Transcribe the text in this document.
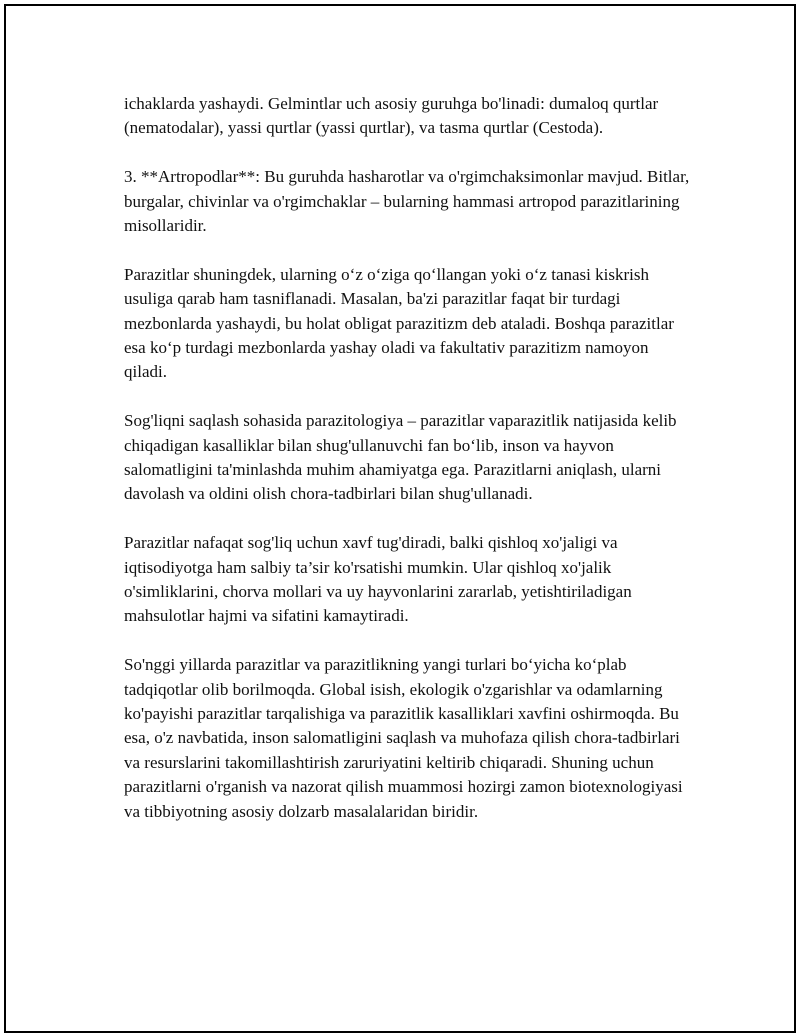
ichaklarda yashaydi. Gelmintlar uch asosiy guruhga bo'linadi: dumaloq qurtlar (nematodalar), yassi qurtlar (yassi qurtlar), va tasma qurtlar (Cestoda).

3. **Artropodlar**: Bu guruhda hasharotlar va o'rgimchaksimonlar mavjud. Bitlar, burgalar, chivinlar va o'rgimchaklar – bularning hammasi artropod parazitlarining misollaridir.

Parazitlar shuningdek, ularning o‘z o‘ziga qo‘llangan yoki o‘z tanasi kiskrish usuliga qarab ham tasniflanadi. Masalan, ba'zi parazitlar faqat bir turdagi mezbonlarda yashaydi, bu holat obligat parazitizm deb ataladi. Boshqa parazitlar esa ko‘p turdagi mezbonlarda yashay oladi va fakultativ parazitizm namoyon qiladi.

Sog'liqni saqlash sohasida parazitologiya – parazitlar vaparazitlik natijasida kelib chiqadigan kasalliklar bilan shug'ullanuvchi fan bo‘lib, inson va hayvon salomatligini ta'minlashda muhim ahamiyatga ega. Parazitlarni aniqlash, ularni davolash va oldini olish chora-tadbirlari bilan shug'ullanadi.

Parazitlar nafaqat sog'liq uchun xavf tug'diradi, balki qishloq xo'jaligi va iqtisodiyotga ham salbiy ta’sir ko'rsatishi mumkin. Ular qishloq xo'jalik o'simliklarini, chorva mollari va uy hayvonlarini zararlab, yetishtiriladigan mahsulotlar hajmi va sifatini kamaytiradi.

So'nggi yillarda parazitlar va parazitlikning yangi turlari bo‘yicha ko‘plab tadqiqotlar olib borilmoqda. Global isish, ekologik o'zgarishlar va odamlarning ko'payishi parazitlar tarqalishiga va parazitlik kasalliklari xavfini oshirmoqda. Bu esa, o'z navbatida, inson salomatligini saqlash va muhofaza qilish chora-tadbirlari va resurslarini takomillashtirish zaruriyatini keltirib chiqaradi. Shuning uchun parazitlarni o'rganish va nazorat qilish muammosi hozirgi zamon biotexnologiyasi va tibbiyotning asosiy dolzarb masalalaridan biridir.
